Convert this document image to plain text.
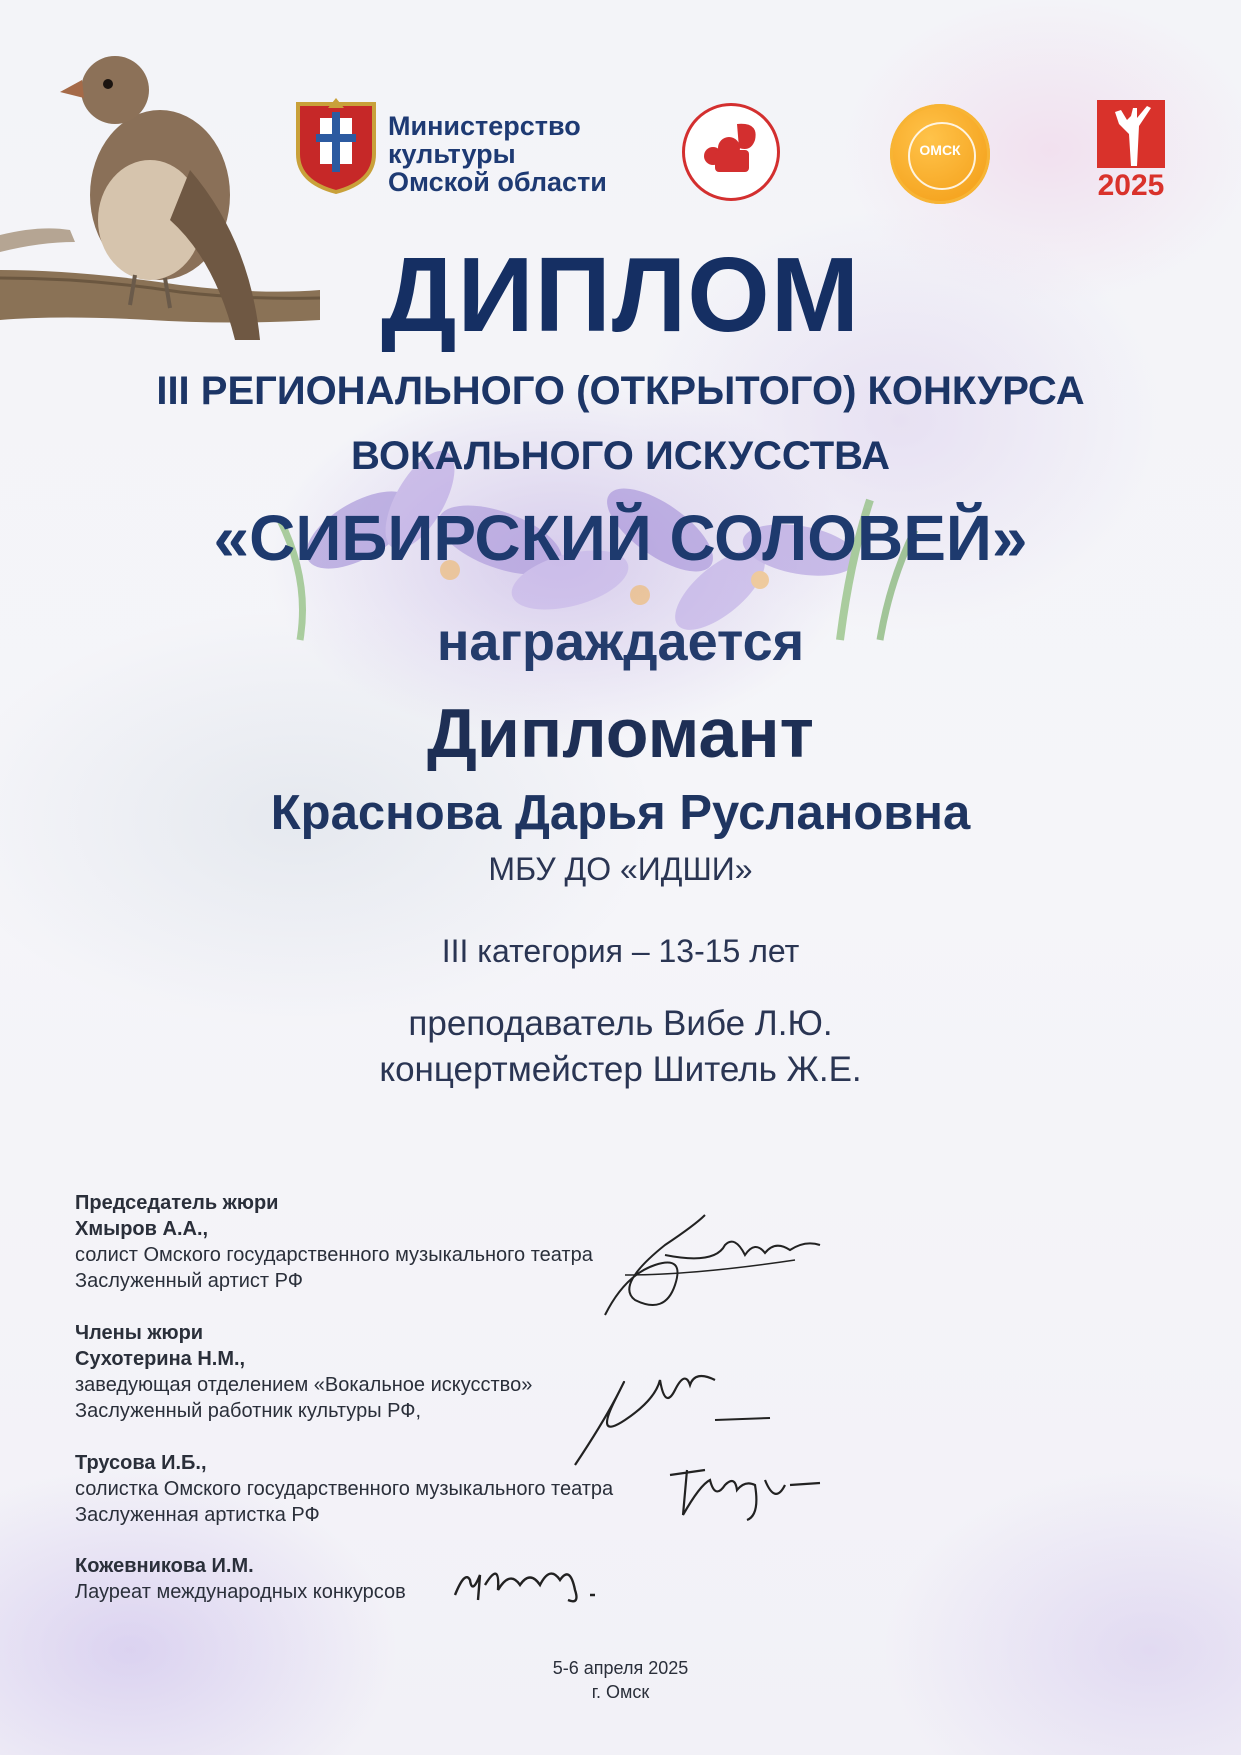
Министерство
культуры
Омской области
ОМСК
2025
ДИПЛОМ
III РЕГИОНАЛЬНОГО (ОТКРЫТОГО) КОНКУРСА
ВОКАЛЬНОГО ИСКУССТВА
«СИБИРСКИЙ СОЛОВЕЙ»
награждается
Дипломант
Краснова Дарья Руслановна
МБУ ДО «ИДШИ»
III категория – 13-15 лет
преподаватель Вибе Л.Ю.
концертмейстер Шитель Ж.Е.
Председатель жюри
Хмыров А.А.,
солист Омского государственного музыкального театра
Заслуженный артист РФ
Члены жюри
Сухотерина Н.М.,
заведующая отделением «Вокальное искусство»
Заслуженный работник культуры РФ,
Трусова И.Б.,
солистка Омского государственного музыкального театра
Заслуженная артистка РФ
Кожевникова И.М.
Лауреат международных конкурсов
5-6 апреля 2025
г. Омск
